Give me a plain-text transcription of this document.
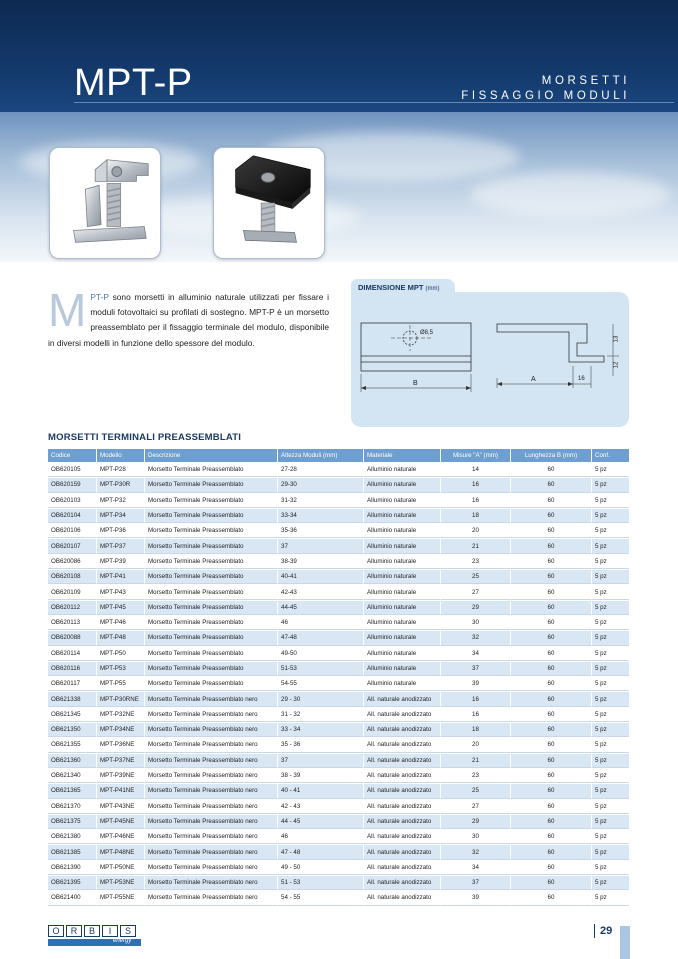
MPT-P	MORSETTI
FISSAGGIO MODULI
M PT-P sono morsetti in alluminio naturale utilizzati per fissare i moduli fotovoltaici su profilati di sostegno. MPT-P è un morsetto preassemblato per il fissaggio terminale del modulo, disponibile in diversi modelli in funzione dello spessore del modulo.
DIMENSIONE MPT (mm)
Ø8,5
B
A	16
13
12
MORSETTI TERMINALI PREASSEMBLATI
Codice	Modello	Descrizione	Altezza Moduli (mm)	Materiale	Misure "A" (mm)	Lunghezza B (mm)	Conf.
OB620105	MPT-P28	Morsetto Terminale Preassemblato	27-28	Alluminio naturale	14	60	5 pz
OB620159	MPT-P30R	Morsetto Terminale Preassemblato	29-30	Alluminio naturale	16	60	5 pz
OB620103	MPT-P32	Morsetto Terminale Preassemblato	31-32	Alluminio naturale	16	60	5 pz
OB620104	MPT-P34	Morsetto Terminale Preassemblato	33-34	Alluminio naturale	18	60	5 pz
OB620106	MPT-P36	Morsetto Terminale Preassemblato	35-36	Alluminio naturale	20	60	5 pz
OB620107	MPT-P37	Morsetto Terminale Preassemblato	37	Alluminio naturale	21	60	5 pz
OB620086	MPT-P39	Morsetto Terminale Preassemblato	38-39	Alluminio naturale	23	60	5 pz
OB620108	MPT-P41	Morsetto Terminale Preassemblato	40-41	Alluminio naturale	25	60	5 pz
OB620109	MPT-P43	Morsetto Terminale Preassemblato	42-43	Alluminio naturale	27	60	5 pz
OB620112	MPT-P45	Morsetto Terminale Preassemblato	44-45	Alluminio naturale	29	60	5 pz
OB620113	MPT-P46	Morsetto Terminale Preassemblato	46	Alluminio naturale	30	60	5 pz
OB620088	MPT-P48	Morsetto Terminale Preassemblato	47-48	Alluminio naturale	32	60	5 pz
OB620114	MPT-P50	Morsetto Terminale Preassemblato	49-50	Alluminio naturale	34	60	5 pz
OB620116	MPT-P53	Morsetto Terminale Preassemblato	51-53	Alluminio naturale	37	60	5 pz
OB620117	MPT-P55	Morsetto Terminale Preassemblato	54-55	Alluminio naturale	39	60	5 pz
OB621338	MPT-P30RNE	Morsetto Terminale Preassemblato nero	29 - 30	All. naturale anodizzato	16	60	5 pz
OB621345	MPT-P32NE	Morsetto Terminale Preassemblato nero	31 - 32	All. naturale anodizzato	16	60	5 pz
OB621350	MPT-P34NE	Morsetto Terminale Preassemblato nero	33 - 34	All. naturale anodizzato	18	60	5 pz
OB621355	MPT-P36NE	Morsetto Terminale Preassemblato nero	35 - 36	All. naturale anodizzato	20	60	5 pz
OB621360	MPT-P37NE	Morsetto Terminale Preassemblato nero	37	All. naturale anodizzato	21	60	5 pz
OB621340	MPT-P39NE	Morsetto Terminale Preassemblato nero	38 - 39	All. naturale anodizzato	23	60	5 pz
OB621365	MPT-P41NE	Morsetto Terminale Preassemblato nero	40 - 41	All. naturale anodizzato	25	60	5 pz
OB621370	MPT-P43NE	Morsetto Terminale Preassemblato nero	42 - 43	All. naturale anodizzato	27	60	5 pz
OB621375	MPT-P45NE	Morsetto Terminale Preassemblato nero	44 - 45	All. naturale anodizzato	29	60	5 pz
OB621380	MPT-P46NE	Morsetto Terminale Preassemblato nero	46	All. naturale anodizzato	30	60	5 pz
OB621385	MPT-P48NE	Morsetto Terminale Preassemblato nero	47 - 48	All. naturale anodizzato	32	60	5 pz
OB621390	MPT-P50NE	Morsetto Terminale Preassemblato nero	49 - 50	All. naturale anodizzato	34	60	5 pz
OB621395	MPT-P53NE	Morsetto Terminale Preassemblato nero	51 - 53	All. naturale anodizzato	37	60	5 pz
OB621400	MPT-P55NE	Morsetto Terminale Preassemblato nero	54 - 55	All. naturale anodizzato	39	60	5 pz
O	R	B	I	S
energy
29
